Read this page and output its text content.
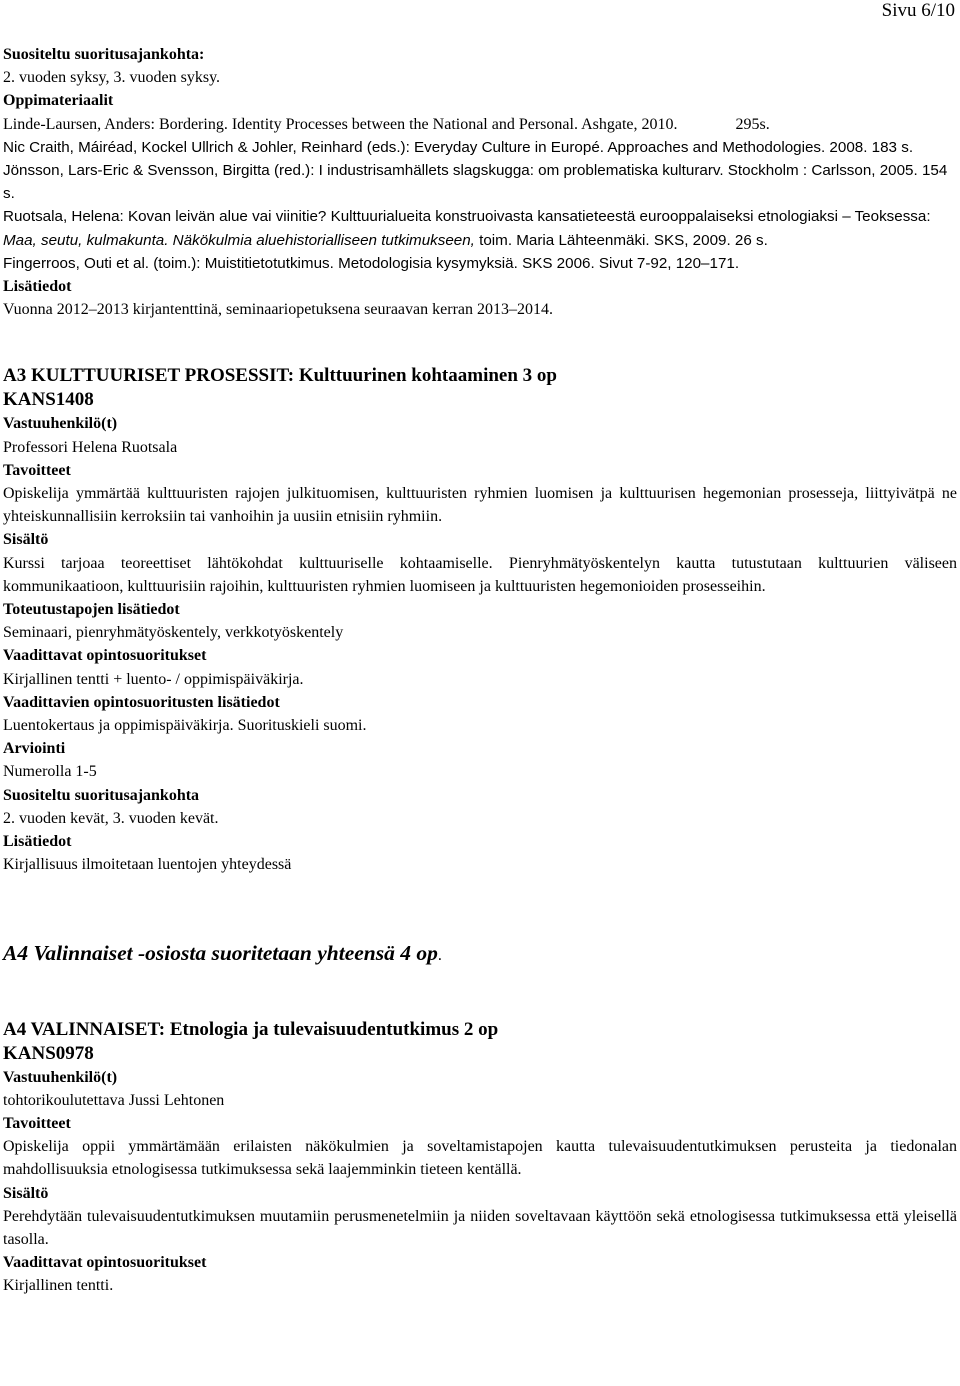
Sivu 6/10

Suositeltu suoritusajankohta:

2. vuoden syksy, 3. vuoden syksy.

Oppimateriaalit

Linde-Laursen, Anders: Bordering. Identity Processes between the National and Personal. Ashgate, 2010.	295s.

Nic Craith, Máiréad, Kockel Ullrich & Johler, Reinhard (eds.): Everyday Culture in Europé. Approaches and Methodologies. 2008. 183 s.

Jönsson, Lars-Eric & Svensson, Birgitta (red.): I industrisamhällets slagskugga: om problematiska kulturarv. Stockholm : Carlsson, 2005. 154 s.

Ruotsala, Helena: Kovan leivän alue vai viinitie? Kulttuurialueita konstruoivasta kansatieteestä eurooppalaiseksi etnologiaksi – Teoksessa: Maa, seutu, kulmakunta. Näkökulmia aluehistorialliseen tutkimukseen, toim. Maria Lähteenmäki. SKS, 2009. 26 s.

Fingerroos, Outi et al. (toim.): Muistitietotutkimus. Metodologisia kysymyksiä. SKS 2006. Sivut 7-92, 120–171.

Lisätiedot

Vuonna 2012–2013 kirjantenttinä, seminaariopetuksena seuraavan kerran 2013–2014.

A3 KULTTUURISET PROSESSIT: Kulttuurinen kohtaaminen 3 op

KANS1408

Vastuuhenkilö(t)

Professori Helena Ruotsala

Tavoitteet

Opiskelija ymmärtää kulttuuristen rajojen julkituomisen, kulttuuristen ryhmien luomisen ja kulttuurisen hegemonian prosesseja, liittyivätpä ne yhteiskunnallisiin kerroksiin tai vanhoihin ja uusiin etnisiin ryhmiin.

Sisältö

Kurssi tarjoaa teoreettiset lähtökohdat kulttuuriselle kohtaamiselle. Pienryhmätyöskentelyn kautta tutustutaan kulttuurien väliseen kommunikaatioon, kulttuurisiin rajoihin, kulttuuristen ryhmien luomiseen ja kulttuuristen hegemonioiden prosesseihin.

Toteutustapojen lisätiedot

Seminaari, pienryhmätyöskentely, verkkotyöskentely

Vaadittavat opintosuoritukset

Kirjallinen tentti + luento- / oppimispäiväkirja.

Vaadittavien opintosuoritusten lisätiedot

Luentokertaus ja oppimispäiväkirja. Suorituskieli suomi.

Arviointi

Numerolla 1-5

Suositeltu suoritusajankohta

2. vuoden kevät, 3. vuoden kevät.

Lisätiedot

Kirjallisuus ilmoitetaan luentojen yhteydessä

A4 Valinnaiset -osiosta suoritetaan yhteensä 4 op.

A4 VALINNAISET: Etnologia ja tulevaisuudentutkimus 2 op

KANS0978

Vastuuhenkilö(t)

tohtorikoulutettava Jussi Lehtonen

Tavoitteet

Opiskelija oppii ymmärtämään erilaisten näkökulmien ja soveltamistapojen kautta tulevaisuudentutkimuksen perusteita ja tiedonalan mahdollisuuksia etnologisessa tutkimuksessa sekä laajemminkin tieteen kentällä.

Sisältö

Perehdytään tulevaisuudentutkimuksen muutamiin perusmenetelmiin ja niiden soveltavaan käyttöön sekä etnologisessa tutkimuksessa että yleisellä tasolla.

Vaadittavat opintosuoritukset

Kirjallinen tentti.
